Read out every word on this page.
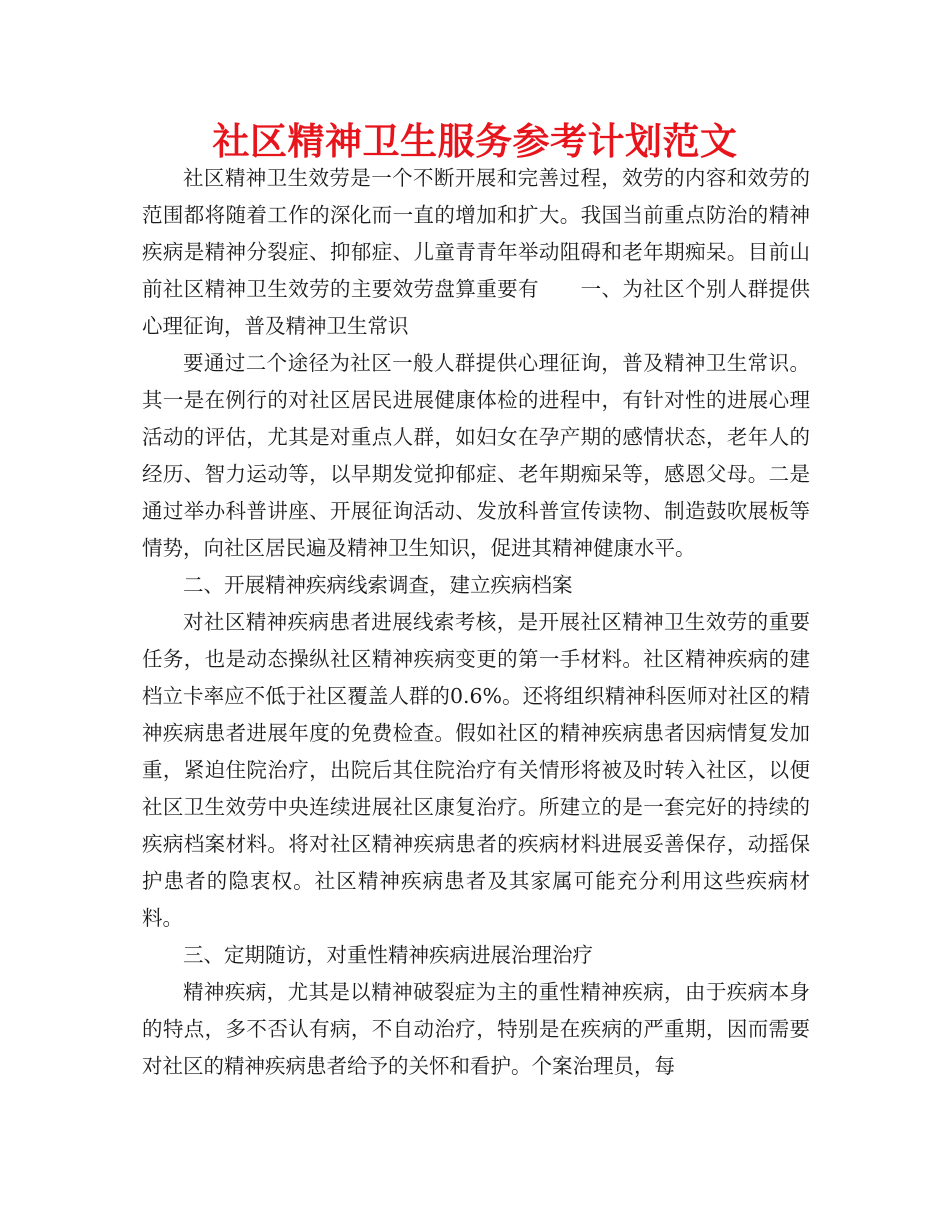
社区精神卫生服务参考计划范文

社区精神卫生效劳是一个不断开展和完善过程，效劳的内容和效劳的范围都将随着工作的深化而一直的增加和扩大。我国当前重点防治的精神疾病是精神分裂症、抑郁症、儿童青青年举动阻碍和老年期痴呆。目前山前社区精神卫生效劳的主要效劳盘算重要有　　一、为社区个别人群提供心理征询，普及精神卫生常识

要通过二个途径为社区一般人群提供心理征询，普及精神卫生常识。其一是在例行的对社区居民进展健康体检的进程中，有针对性的进展心理活动的评估，尤其是对重点人群，如妇女在孕产期的感情状态，老年人的经历、智力运动等，以早期发觉抑郁症、老年期痴呆等，感恩父母。二是通过举办科普讲座、开展征询活动、发放科普宣传读物、制造鼓吹展板等情势，向社区居民遍及精神卫生知识，促进其精神健康水平。

二、开展精神疾病线索调查，建立疾病档案

对社区精神疾病患者进展线索考核，是开展社区精神卫生效劳的重要任务，也是动态操纵社区精神疾病变更的第一手材料。社区精神疾病的建档立卡率应不低于社区覆盖人群的0.6%。还将组织精神科医师对社区的精神疾病患者进展年度的免费检查。假如社区的精神疾病患者因病情复发加重，紧迫住院治疗，出院后其住院治疗有关情形将被及时转入社区，以便社区卫生效劳中央连续进展社区康复治疗。所建立的是一套完好的持续的疾病档案材料。将对社区精神疾病患者的疾病材料进展妥善保存，动摇保护患者的隐衷权。社区精神疾病患者及其家属可能充分利用这些疾病材料。

三、定期随访，对重性精神疾病进展治理治疗

精神疾病，尤其是以精神破裂症为主的重性精神疾病，由于疾病本身的特点，多不否认有病，不自动治疗，特别是在疾病的严重期，因而需要对社区的精神疾病患者给予的关怀和看护。个案治理员，每
